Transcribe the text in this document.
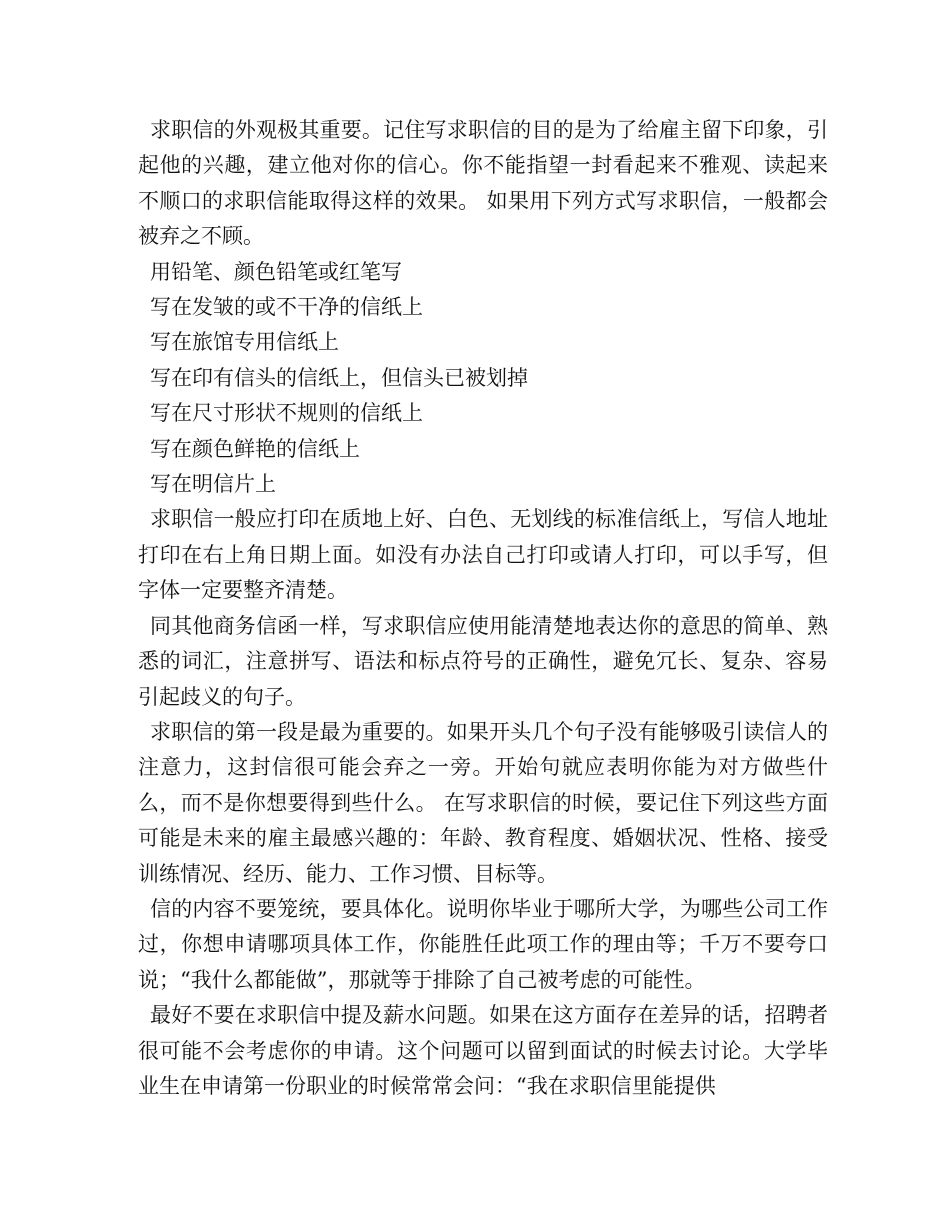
求职信的外观极其重要。记住写求职信的目的是为了给雇主留下印象，引起他的兴趣，建立他对你的信心。你不能指望一封看起来不雅观、读起来不顺口的求职信能取得这样的效果。 如果用下列方式写求职信，一般都会被弃之不顾。

用铅笔、颜色铅笔或红笔写

写在发皱的或不干净的信纸上

写在旅馆专用信纸上

写在印有信头的信纸上，但信头已被划掉

写在尺寸形状不规则的信纸上

写在颜色鲜艳的信纸上

写在明信片上

求职信一般应打印在质地上好、白色、无划线的标准信纸上，写信人地址打印在右上角日期上面。如没有办法自己打印或请人打印，可以手写，但字体一定要整齐清楚。

同其他商务信函一样，写求职信应使用能清楚地表达你的意思的简单、熟悉的词汇，注意拼写、语法和标点符号的正确性，避免冗长、复杂、容易引起歧义的句子。

求职信的第一段是最为重要的。如果开头几个句子没有能够吸引读信人的注意力，这封信很可能会弃之一旁。开始句就应表明你能为对方做些什么，而不是你想要得到些什么。 在写求职信的时候，要记住下列这些方面可能是未来的雇主最感兴趣的：年龄、教育程度、婚姻状况、性格、接受训练情况、经历、能力、工作习惯、目标等。

信的内容不要笼统，要具体化。说明你毕业于哪所大学，为哪些公司工作过，你想申请哪项具体工作，你能胜任此项工作的理由等；千万不要夸口说；“我什么都能做”，那就等于排除了自己被考虑的可能性。

最好不要在求职信中提及薪水问题。如果在这方面存在差异的话，招聘者很可能不会考虑你的申请。这个问题可以留到面试的时候去讨论。大学毕业生在申请第一份职业的时候常常会问：“我在求职信里能提供
